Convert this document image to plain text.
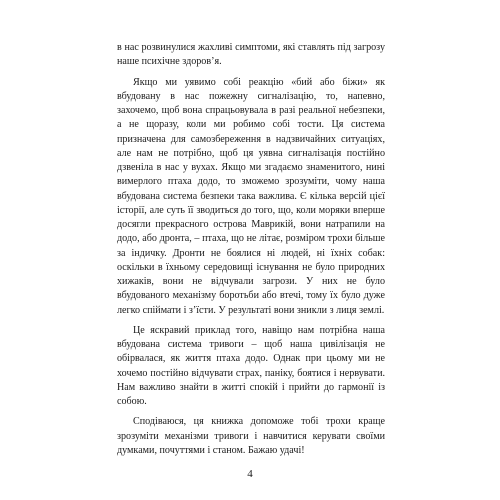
в нас розвинулися жахливі симптоми, які ставлять під загрозу наше психічне здоров’я.

Якщо ми уявимо собі реакцію «бий або біжи» як вбудовану в нас пожежну сигналізацію, то, напевно, захочемо, щоб вона спрацьовувала в разі реальної небезпеки, а не щоразу, коли ми робимо собі тости. Ця система призначена для самозбереження в надзвичайних ситуаціях, але нам не потрібно, щоб ця уявна сигналізація постійно дзвеніла в нас у вухах. Якщо ми згадаємо знаменитого, нині вимерлого птаха додо, то зможемо зрозуміти, чому наша вбудована система безпеки така важлива. Є кілька версій цієї історії, але суть її зводиться до того, що, коли моряки вперше досягли прекрасного острова Маврикій, вони натрапили на додо, або дронта, – птаха, що не літає, розміром трохи більше за індичку. Дронти не боялися ні людей, ні їхніх собак: оскільки в їхньому середовищі існування не було природних хижаків, вони не відчували загрози. У них не було вбудованого механізму боротьби або втечі, тому їх було дуже легко спіймати і з’їсти. У результаті вони зникли з лиця землі.

Це яскравий приклад того, навіщо нам потрібна наша вбудована система тривоги – щоб наша цивілізація не обірвалася, як життя птаха додо. Однак при цьому ми не хочемо постійно відчувати страх, паніку, боятися і нервувати. Нам важливо знайти в житті спокій і прийти до гармонії із собою.

Сподіваюся, ця книжка допоможе тобі трохи краще зрозуміти механізми тривоги і навчитися керувати своїми думками, почуттями і станом. Бажаю удачі!

4
